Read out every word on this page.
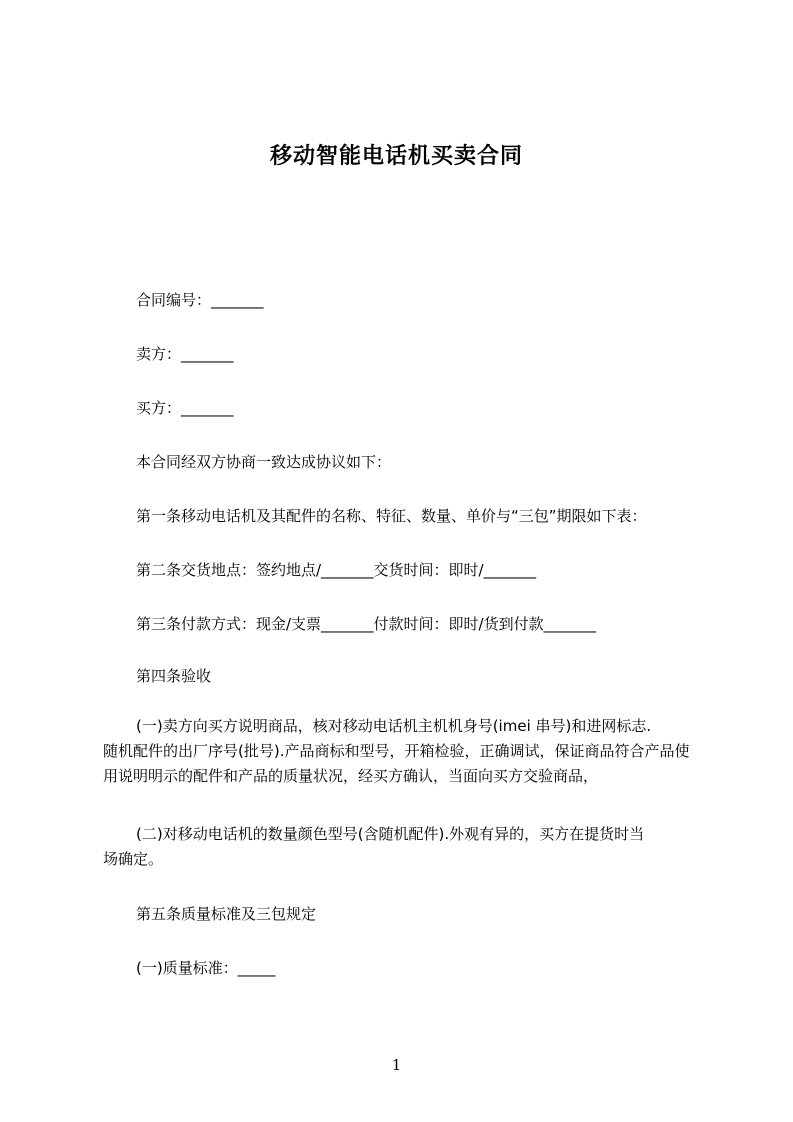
移动智能电话机买卖合同
合同编号：_______
卖方：_______
买方：_______
本合同经双方协商一致达成协议如下：
第一条移动电话机及其配件的名称、特征、数量、单价与“三包”期限如下表：
第二条交货地点：签约地点/_______交货时间：即时/_______
第三条付款方式：现金/支票_______付款时间：即时/货到付款_______
第四条验收
(一)卖方向买方说明商品，核对移动电话机主机机身号(imei 串号)和进网标志.
随机配件的出厂序号(批号).产品商标和型号，开箱检验，正确调试，保证商品符合产品使用说明明示的配件和产品的质量状况，经买方确认，当面向买方交验商品，
(二)对移动电话机的数量颜色型号(含随机配件).外观有异的，买方在提货时当
场确定。
第五条质量标准及三包规定
(一)质量标准：_____
1
